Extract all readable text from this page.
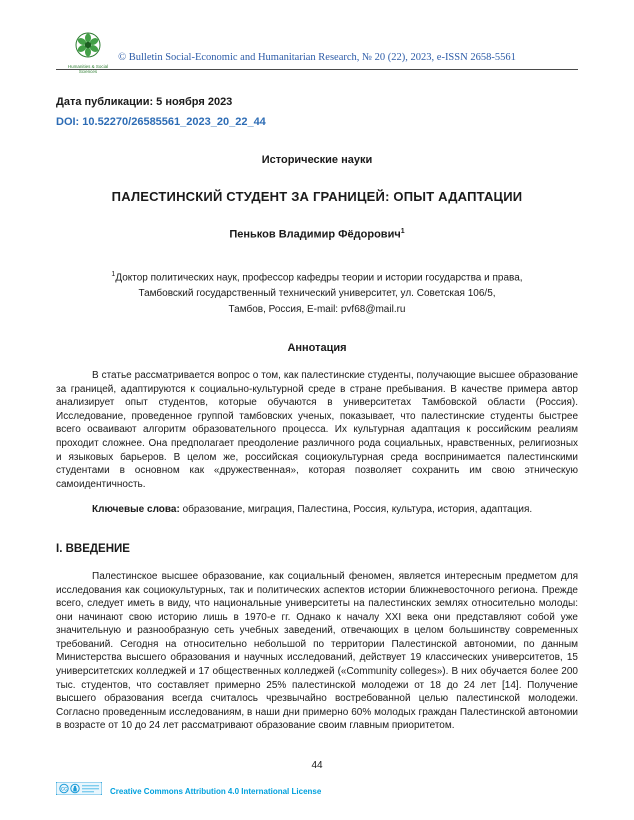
Humanities & Social
Sciences
© Bulletin Social-Economic and Humanitarian Research, № 20 (22), 2023, e-ISSN 2658-5561
Дата публикации: 5 ноября 2023
DOI: 10.52270/26585561_2023_20_22_44
Исторические науки
ПАЛЕСТИНСКИЙ СТУДЕНТ ЗА ГРАНИЦЕЙ: ОПЫТ АДАПТАЦИИ
Пеньков Владимир Фёдорович$^1$
$^1$Доктор политических наук, профессор кафедры теории и истории государства и права,
Тамбовский государственный технический университет, ул. Советская 106/5,
Тамбов, Россия, E-mail: pvf68@mail.ru
Аннотация
В статье рассматривается вопрос о том, как палестинские студенты, получающие высшее образование за границей, адаптируются к социально-культурной среде в стране пребывания. В качестве примера автор анализирует опыт студентов, которые обучаются в университетах Тамбовской области (Россия). Исследование, проведенное группой тамбовских ученых, показывает, что палестинские студенты быстрее всего осваивают алгоритм образовательного процесса. Их культурная адаптация к российским реалиям проходит сложнее. Она предполагает преодоление различного рода социальных, нравственных, религиозных и языковых барьеров. В целом же, российская социокультурная среда воспринимается палестинскими студентами в основном как «дружественная», которая позволяет сохранить им свою этническую самоидентичность.
Ключевые слова: образование, миграция, Палестина, Россия, культура, история, адаптация.
I. ВВЕДЕНИЕ
Палестинское высшее образование, как социальный феномен, является интересным предметом для исследования как социокультурных, так и политических аспектов истории ближневосточного региона. Прежде всего, следует иметь в виду, что национальные университеты на палестинских землях относительно молоды: они начинают свою историю лишь в 1970-е гг. Однако к началу XXI века они представляют собой уже значительную и разнообразную сеть учебных заведений, отвечающих в целом большинству современных требований. Сегодня на относительно небольшой по территории Палестинской автономии, по данным Министерства высшего образования и научных исследований, действует 19 классических университетов, 15 университетских колледжей и 17 общественных колледжей («Community colleges»). В них обучается более 200 тыс. студентов, что составляет примерно 25% палестинской молодежи от 18 до 24 лет [14]. Получение высшего образования всегда считалось чрезвычайно востребованной целью палестинской молодежи. Согласно проведенным исследованиям, в наши дни примерно 60% молодых граждан Палестинской автономии в возрасте от 10 до 24 лет рассматривают образование своим главным приоритетом.
44
cc	Creative Commons Attribution 4.0 International License
